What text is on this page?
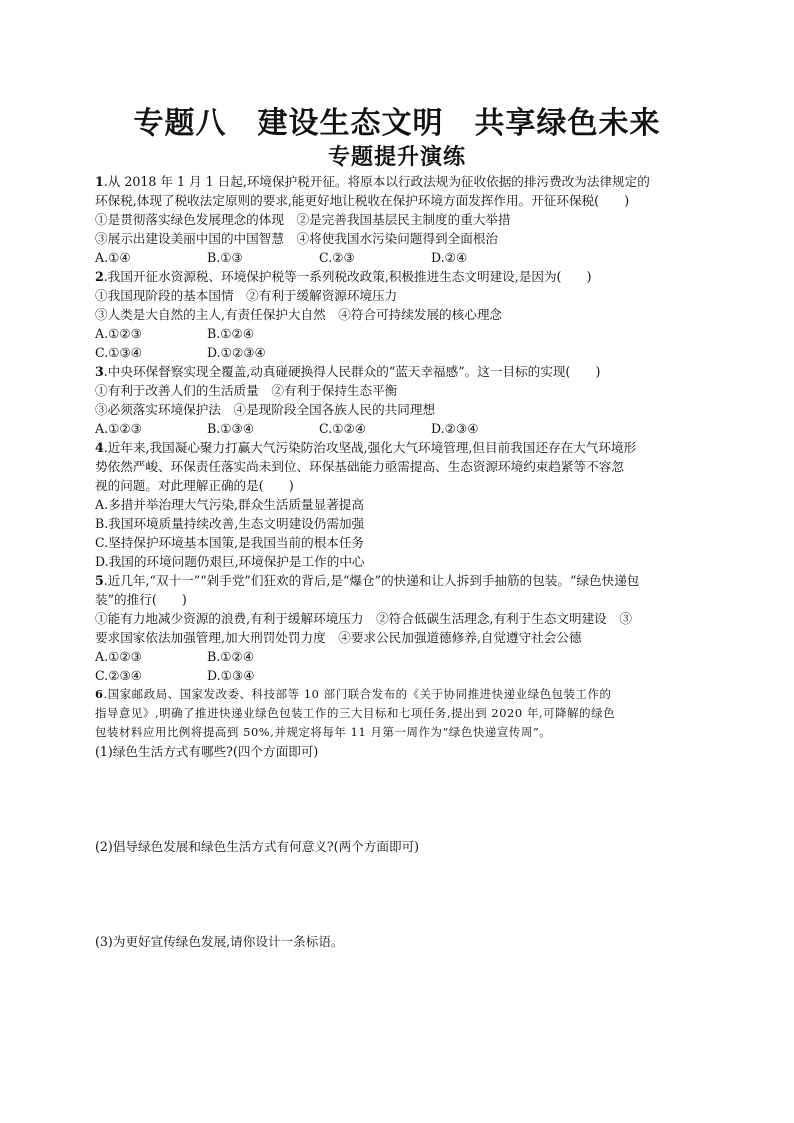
专题八　建设生态文明　共享绿色未来
专题提升演练
1.从 2018 年 1 月 1 日起,环境保护税开征。将原本以行政法规为征收依据的排污费改为法律规定的
环保税,体现了税收法定原则的要求,能更好地让税收在保护环境方面发挥作用。开征环保税(　　)
①是贯彻落实绿色发展理念的体现　②是完善我国基层民主制度的重大举措
③展示出建设美丽中国的中国智慧　④将使我国水污染问题得到全面根治
A.①④	B.①③	C.②③	D.②④
2.我国开征水资源税、环境保护税等一系列税改政策,积极推进生态文明建设,是因为(　　)
①我国现阶段的基本国情　②有利于缓解资源环境压力
③人类是大自然的主人,有责任保护大自然　④符合可持续发展的核心理念
A.①②③	B.①②④
C.①③④	D.①②③④
3.中央环保督察实现全覆盖,动真碰硬换得人民群众的“蓝天幸福感”。这一目标的实现(　　)
①有利于改善人们的生活质量　②有利于保持生态平衡
③必须落实环境保护法　④是现阶段全国各族人民的共同理想
A.①②③	B.①③④	C.①②④	D.②③④
4.近年来,我国凝心聚力打赢大气污染防治攻坚战,强化大气环境管理,但目前我国还存在大气环境形
势依然严峻、环保责任落实尚未到位、环保基础能力亟需提高、生态资源环境约束趋紧等不容忽
视的问题。对此理解正确的是(　　)
A.多措并举治理大气污染,群众生活质量显著提高
B.我国环境质量持续改善,生态文明建设仍需加强
C.坚持保护环境基本国策,是我国当前的根本任务
D.我国的环境问题仍艰巨,环境保护是工作的中心
5.近几年,“双十一”“剁手党”们狂欢的背后,是“爆仓”的快递和让人拆到手抽筋的包装。“绿色快递包
装”的推行(　　)
①能有力地减少资源的浪费,有利于缓解环境压力　②符合低碳生活理念,有利于生态文明建设　③
要求国家依法加强管理,加大刑罚处罚力度　④要求公民加强道德修养,自觉遵守社会公德
A.①②③	B.①②④
C.②③④	D.①③④
6.国家邮政局、国家发改委、科技部等 10 部门联合发布的《关于协同推进快递业绿色包装工作的
指导意见》,明确了推进快递业绿色包装工作的三大目标和七项任务,提出到 2020 年,可降解的绿色
包装材料应用比例将提高到 50%,并规定将每年 11 月第一周作为“绿色快递宣传周”。
(1)绿色生活方式有哪些?(四个方面即可)
(2)倡导绿色发展和绿色生活方式有何意义?(两个方面即可)
(3)为更好宣传绿色发展,请你设计一条标语。
